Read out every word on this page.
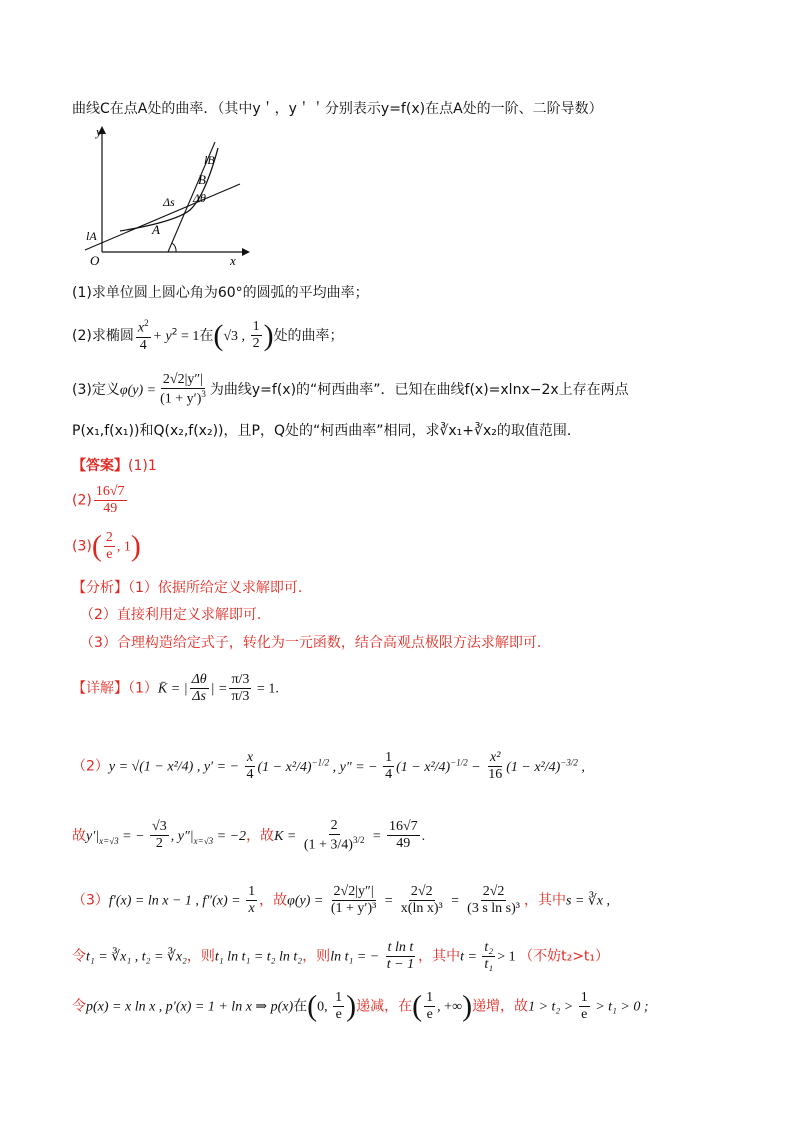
曲线C在点A处的曲率．（其中y＇，y＇＇分别表示y=f(x)在点A处的一阶、二阶导数）
y
x
O
lA
lB
A
B
Δs Δθ
(1)求单位圆上圆心角为60°的圆弧的平均曲率；
(2)求椭圆 $\frac{x^2}{4} + y^2 = 1$在(√3 , $\frac{1}{2}$ )处的曲率；
(3)定义$\varphi(y) = \frac{2√2|y''|}{(1 + y')^3}$ 为曲线y=f(x)的“柯西曲率”．已知在曲线f(x)=xlnx−2x上存在两点
P(x₁,f(x₁))和Q(x₂,f(x₂))，且P，Q处的“柯西曲率”相同，求∛x₁+∛x₂的取值范围．
【答案】(1)1
$(2) \frac{16√7}{49}$
$(3)( \frac{2}{e}$ , 1)
【分析】（1）依据所给定义求解即可.
（2）直接利用定义求解即可.
（3）合理构造给定式子，转化为一元函数，结合高观点极限方法求解即可.
【详解】（1）K̄ = | $\frac{\Delta\theta}{\Delta s}$ | = $\frac{\pi/3}{\pi/3} = 1$.
（2）y = √(1 − x²/4) , y′ = − $\frac{x}{4} (1 - x^2/4)^{-1/2}$ , y″ = − $\frac{1}{4} (1 - x^2/4)^{-1/2} - \frac{\text{x²}}{16} (1 - x^2/4)^{-3/2}$ ,
故$y'|_{x=√3}$ = − $\frac{√3}{2}$ , $y''|_{x=√3} = -2$，故$K = \frac{2}{(1 + 3/4)^{3/2}} = \frac{16√7}{49}$ .
（3）f′(x) = ln x − 1 , $f''(x) = \frac{1}{x}$ ，故$\varphi(y) = \frac{2√2|y''|}{\text{(1 + y′)³}} = \frac{2√2}{\text{x(ln x)³}} = \frac{2√2}{\text{(3 s ln s)³}}$ ，其中s = ∛x ,
令t₁ = ∛x₁ , t₂ = ∛x₂，则t₁ ln t₁ = t₂ ln t₂，则ln t₁ = − $\frac{\text{t ln t}}{t - 1}$ ，其中$t = \frac{\text{t₂}}{\text{t₁}} > 1$ （不妨t₂>t₁）
令p(x) = x ln x , p′(x) = 1 + ln x ⇒ p(x)在(0, $\frac{1}{e}$ )递减，在( $\frac{1}{e}$ , +∞)递增，故$1 > t_2 > \frac{1}{e} > t_1 > 0$ ;
